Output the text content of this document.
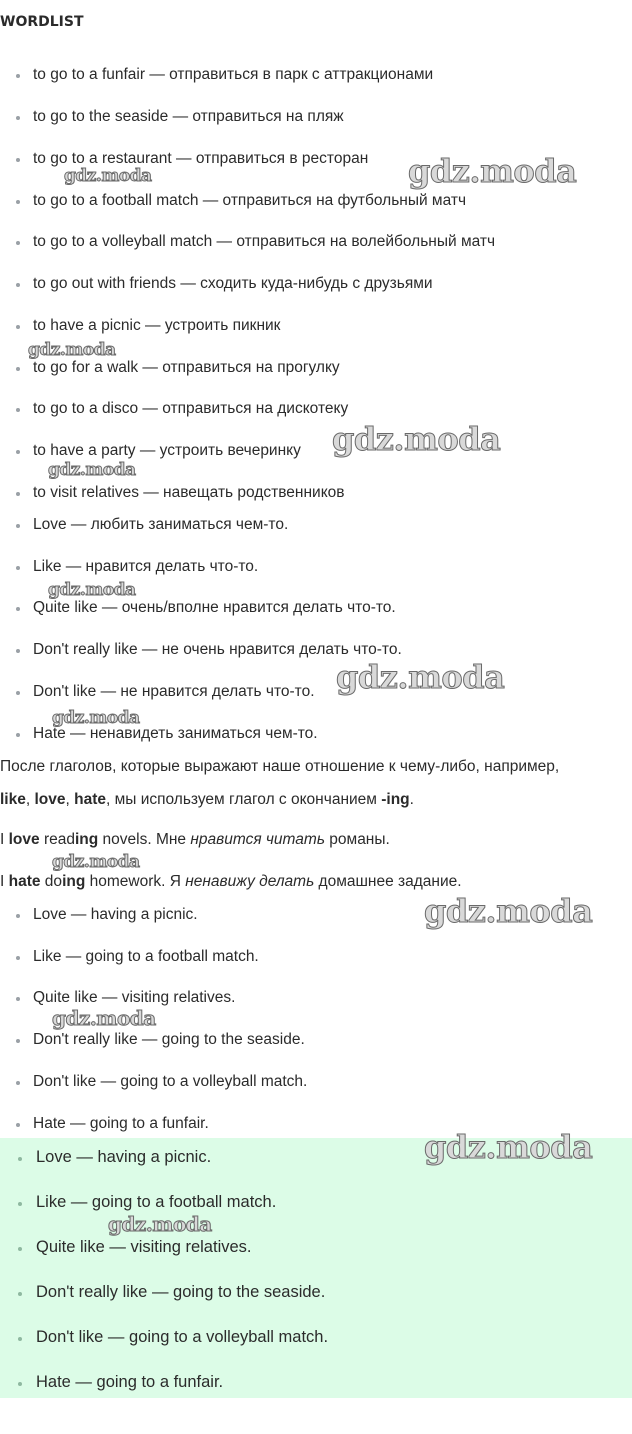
WORDLIST
to go to a funfair — отправиться в парк с аттракционами
to go to the seaside — отправиться на пляж
to go to a restaurant — отправиться в ресторан
to go to a football match — отправиться на футбольный матч
to go to a volleyball match — отправиться на волейбольный матч
to go out with friends — сходить куда-нибудь с друзьями
to have a picnic — устроить пикник
to go for a walk — отправиться на прогулку
to go to a disco — отправиться на дискотеку
to have a party — устроить вечеринку
to visit relatives — навещать родственников
Love — любить заниматься чем-то.
Like — нравится делать что-то.
Quite like — очень/вполне нравится делать что-то.
Don't really like — не очень нравится делать что-то.
Don't like — не нравится делать что-то.
Hate — ненавидеть заниматься чем-то.

После глаголов, которые выражают наше отношение к чему-либо, например,

like, love, hate, мы используем глагол с окончанием -ing.

I love reading novels. Мне нравится читать романы.

I hate doing homework. Я ненавижу делать домашнее задание.

Love — having a picnic.
Like — going to a football match.
Quite like — visiting relatives.
Don't really like — going to the seaside.
Don't like — going to a volleyball match.
Hate — going to a funfair.
Love — having a picnic.
Like — going to a football match.
Quite like — visiting relatives.
Don't really like — going to the seaside.
Don't like — going to a volleyball match.
Hate — going to a funfair.
gdz.moda
gdz.moda
gdz.moda
gdz.moda
gdz.moda
gdz.moda
gdz.moda
gdz.moda
gdz.moda
gdz.moda
gdz.moda
gdz.moda
gdz.moda
